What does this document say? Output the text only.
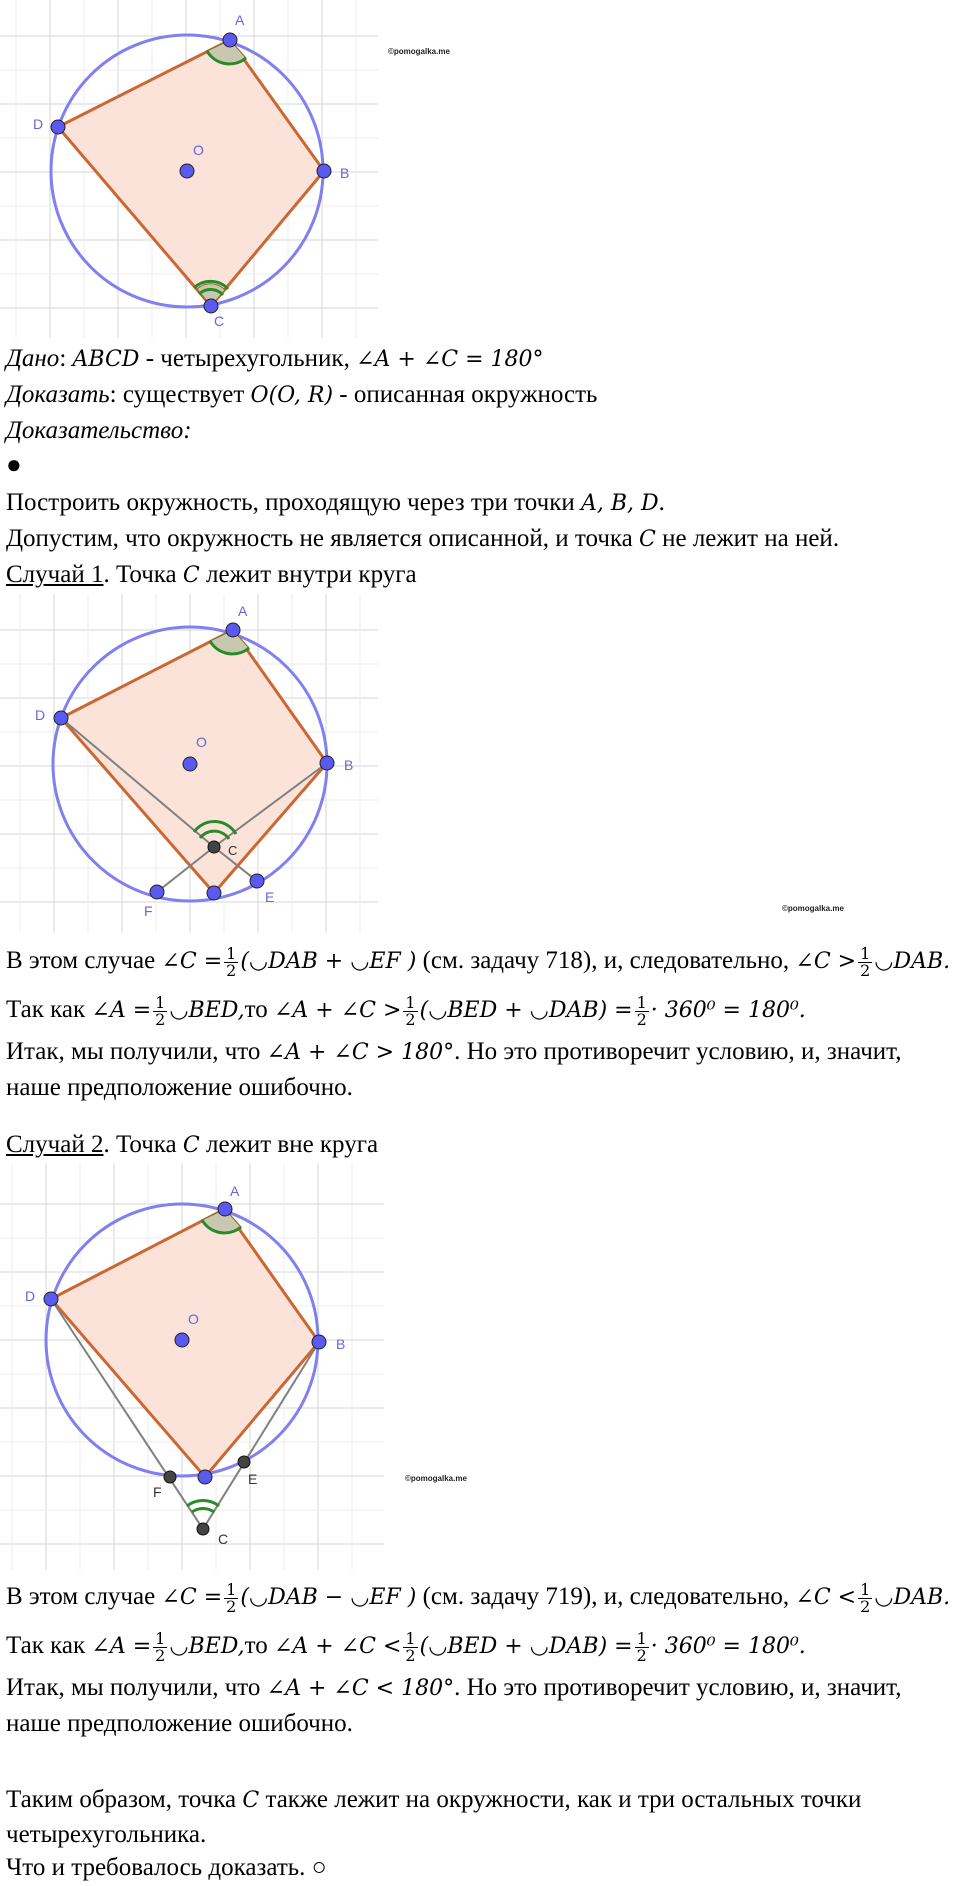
A
B
C
D
O
©pomogalka.me
Дано: ABCD - четырехугольник, ∠A + ∠C = 180°
Доказать: существует O(O, R) - описанная окружность
Доказательство:
●
Построить окружность, проходящую через три точки A, B, D.
Допустим, что окружность не является описанной, и точка C не лежит на ней.
Случай 1. Точка C лежит внутри круга
A
B
C
D
O
E
F	©pomogalka.me
В этом случае ∠C = $\frac{1}{2}$ (◡DAB + ◡EF ) (см. задачу 718), и, следовательно, ∠C > $\frac{1}{2}$ ◡DAB.
Так как ∠A = $\frac{1}{2}$ ◡BED,то ∠A + ∠C > $\frac{1}{2}$ (◡BED + ◡DAB) = $\frac{1}{2} \cdot 360^0 = 180^0$.
Итак, мы получили, что ∠A + ∠C > 180°. Но это противоречит условию, и, значит,
наше предположение ошибочно.
Случай 2. Точка C лежит вне круга
A
B
C
D
O
E
F
©pomogalka.me
В этом случае ∠C = $\frac{1}{2}$ (◡DAB − ◡EF ) (см. задачу 719), и, следовательно, ∠C < $\frac{1}{2}$ ◡DAB.
Так как ∠A = $\frac{1}{2}$ ◡BED,то ∠A + ∠C < $\frac{1}{2}$ (◡BED + ◡DAB) = $\frac{1}{2} \cdot 360^0 = 180^0$.
Итак, мы получили, что ∠A + ∠C < 180°. Но это противоречит условию, и, значит,
наше предположение ошибочно.
Таким образом, точка C также лежит на окружности, как и три остальных точки
четырехугольника.
Что и требовалось доказать. ○
